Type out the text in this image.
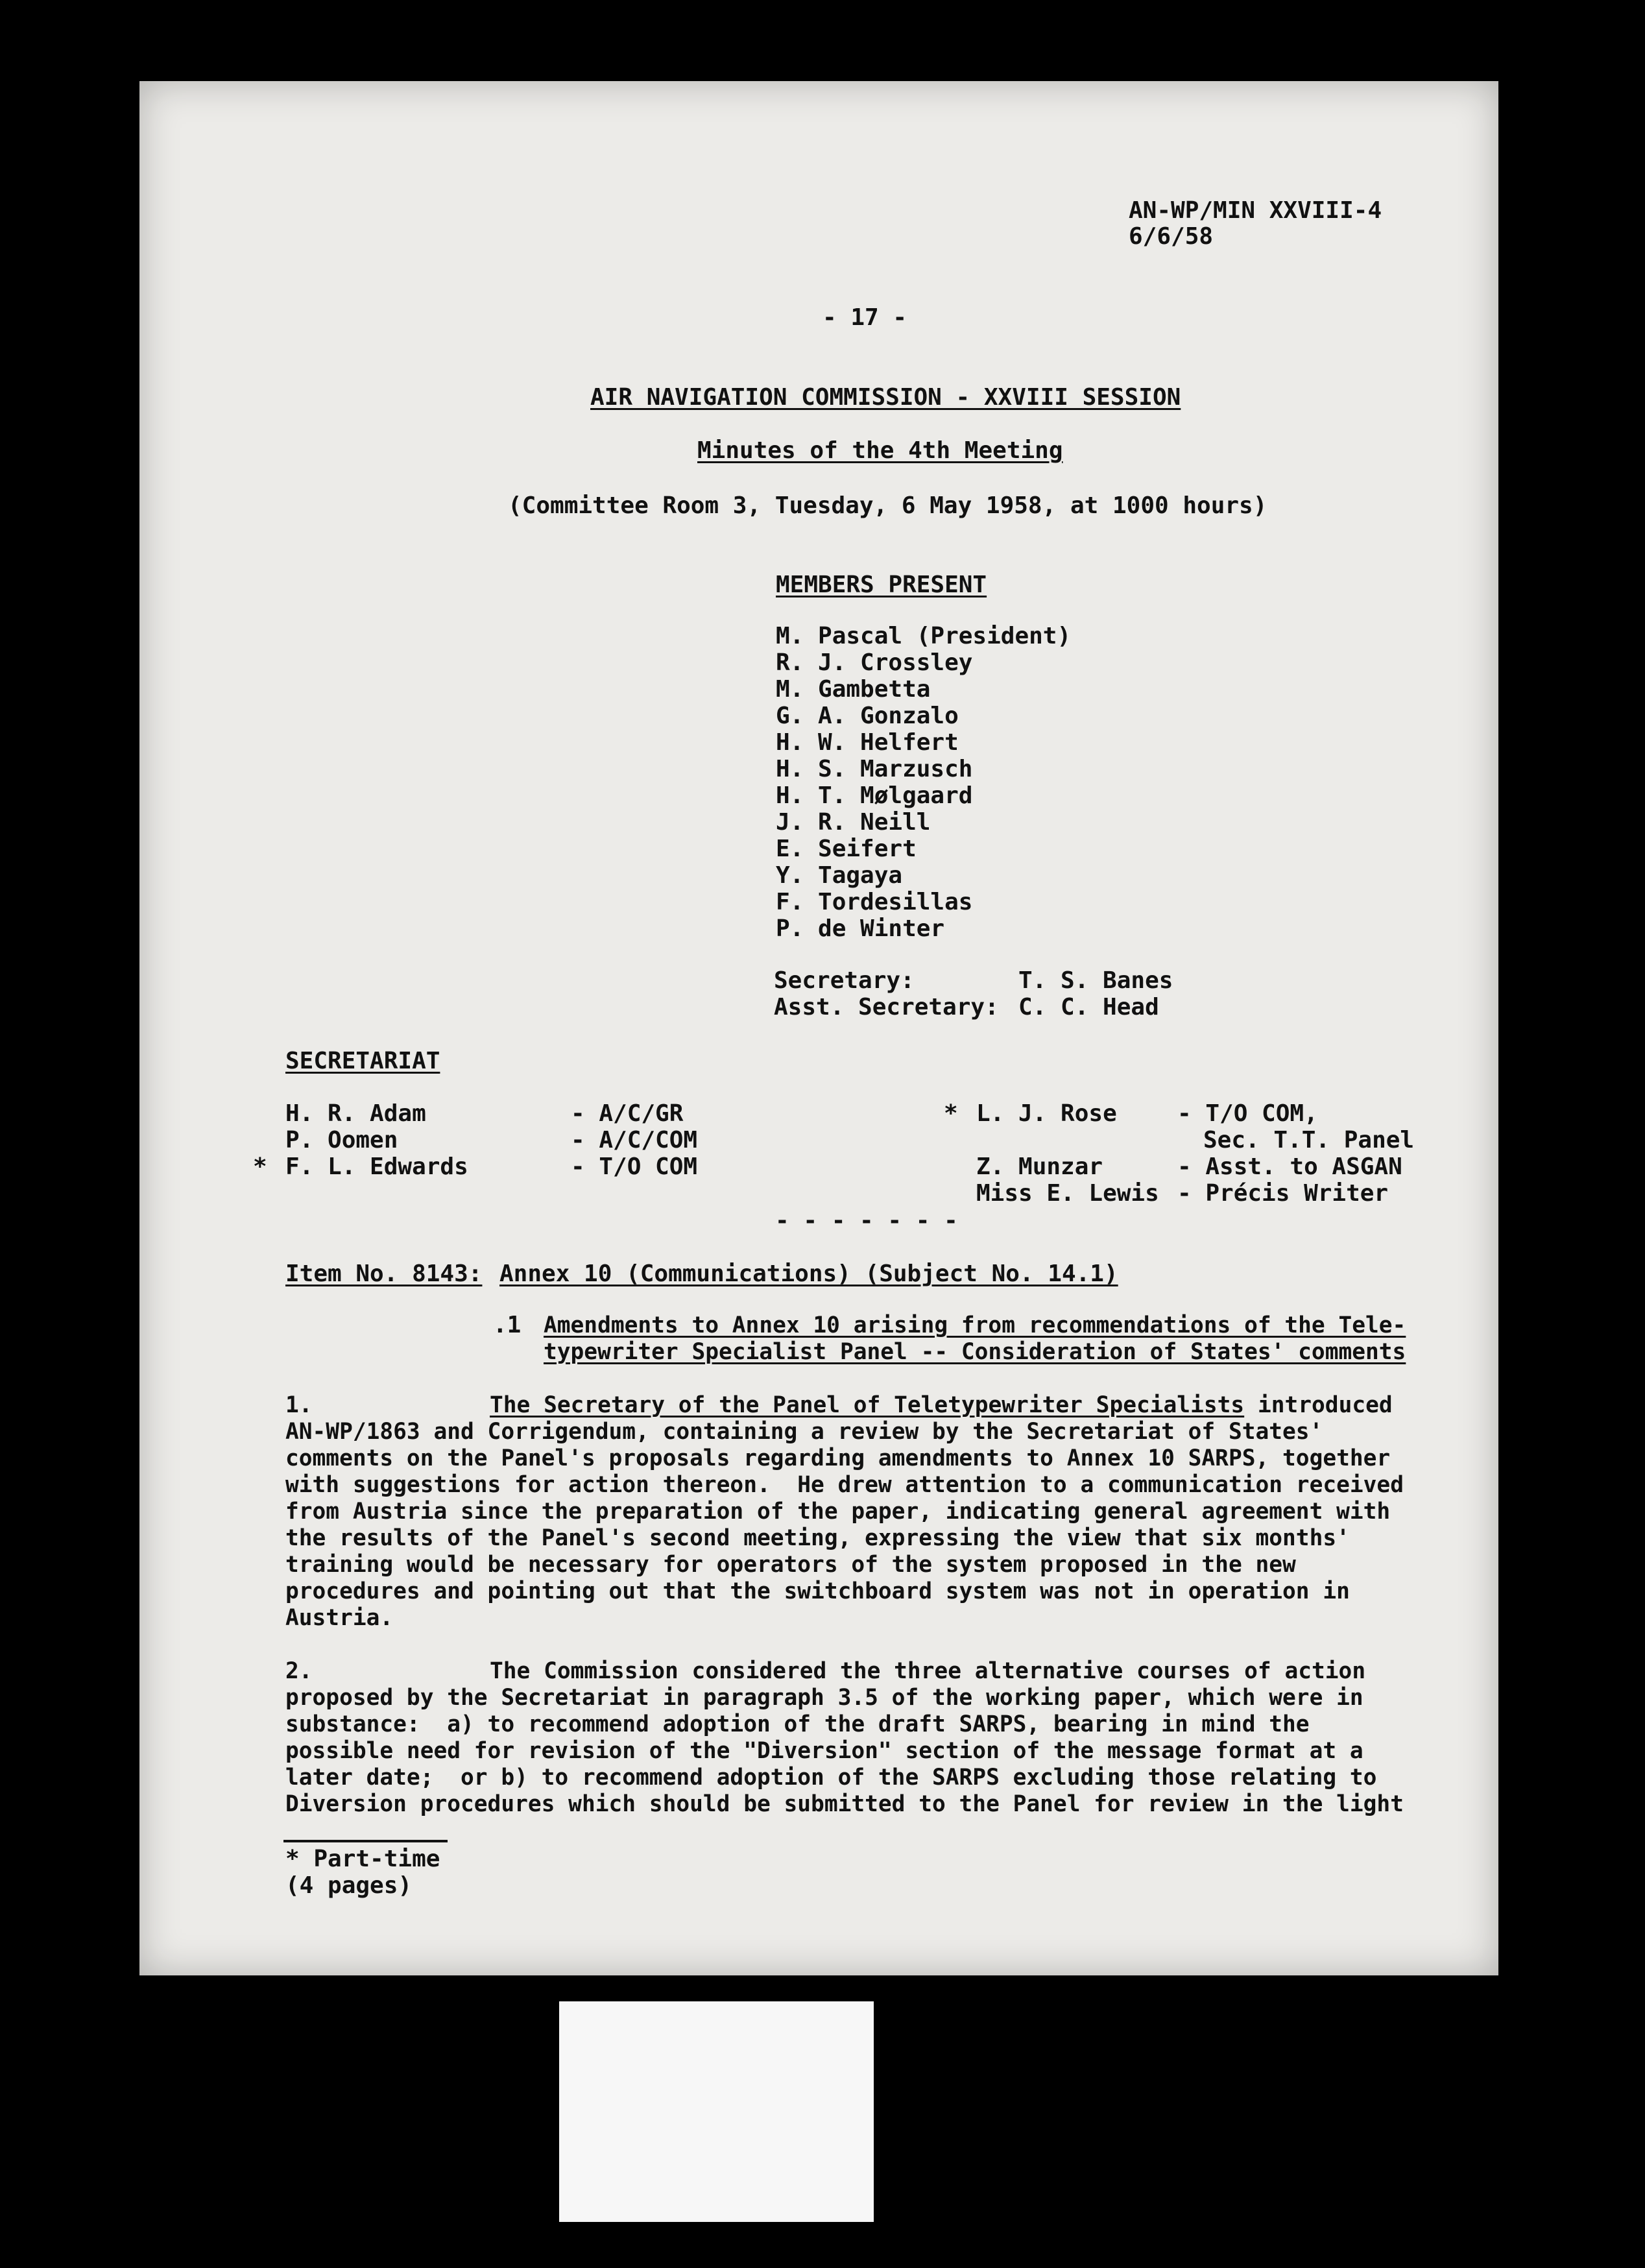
AN-WP/MIN XXVIII-4
6/6/58
- 17 -
AIR NAVIGATION COMMISSION - XXVIII SESSION
Minutes of the 4th Meeting
(Committee Room 3, Tuesday, 6 May 1958, at 1000 hours)
MEMBERS PRESENT
M. Pascal (President)
R. J. Crossley
M. Gambetta
G. A. Gonzalo
H. W. Helfert
H. S. Marzusch
H. T. Mølgaard
J. R. Neill
E. Seifert
Y. Tagaya
F. Tordesillas
P. de Winter
Secretary:	T. S. Banes
Asst. Secretary: C. C. Head
SECRETARIAT
H. R. Adam	- A/C/GR
P. Oomen	- A/C/COM
* F. L. Edwards	- T/O COM
* L. J. Rose	- T/O COM,
Sec. T.T. Panel
Z. Munzar	- Asst. to ASGAN
Miss E. Lewis - Précis Writer
- - - - - - -
Item No. 8143: Annex 10 (Communications) (Subject No. 14.1)
.1 Amendments to Annex 10 arising from recommendations of the Tele-
typewriter Specialist Panel -- Consideration of States' comments
1.	The Secretary of the Panel of Teletypewriter Specialists introduced
AN-WP/1863 and Corrigendum, containing a review by the Secretariat of States'
comments on the Panel's proposals regarding amendments to Annex 10 SARPS, together
with suggestions for action thereon.  He drew attention to a communication received
from Austria since the preparation of the paper, indicating general agreement with
the results of the Panel's second meeting, expressing the view that six months'
training would be necessary for operators of the system proposed in the new
procedures and pointing out that the switchboard system was not in operation in
Austria.
2.	The Commission considered the three alternative courses of action
proposed by the Secretariat in paragraph 3.5 of the working paper, which were in
substance:  a) to recommend adoption of the draft SARPS, bearing in mind the
possible need for revision of the "Diversion" section of the message format at a
later date;  or b) to recommend adoption of the SARPS excluding those relating to
Diversion procedures which should be submitted to the Panel for review in the light
* Part-time
(4 pages)
